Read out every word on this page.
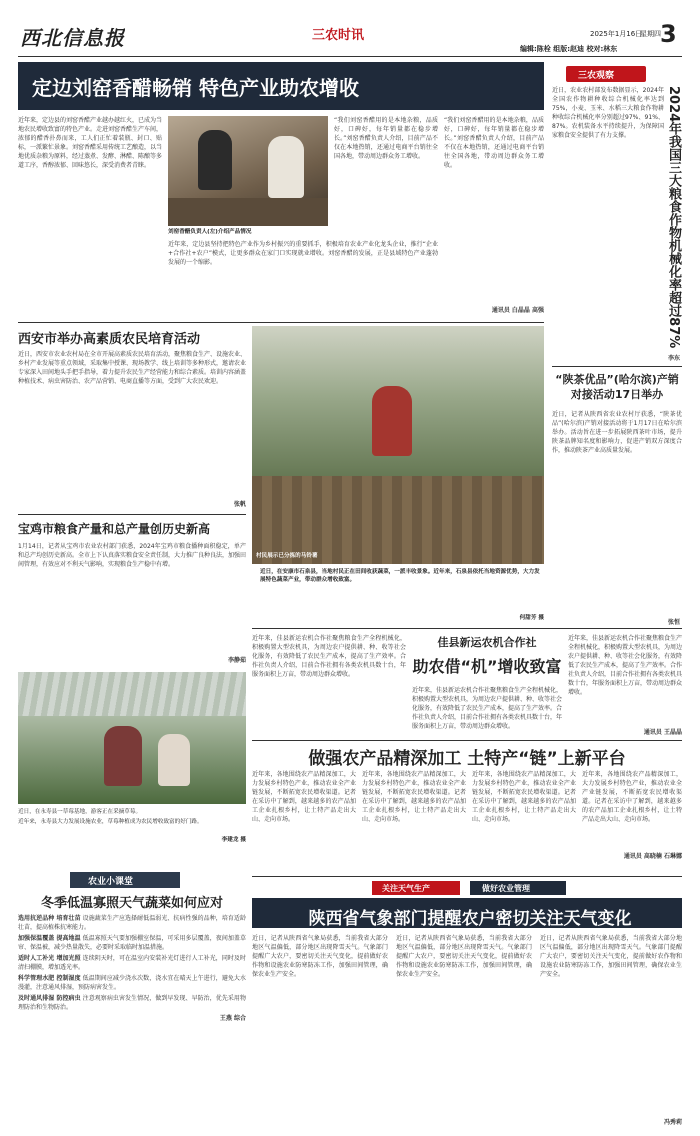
西北信息报	三农时讯	2025年1月16日
星期四 3
编辑:陈栓 组版:赵迪 校对:林东
定边刘窑香醋畅销 特色产业助农增收
近年来，定边县的刘窑香醋产业越办越红火，已成为当地农民增收致富的特色产业。走进刘窑香醋生产车间，浓郁的醋香扑鼻而来，工人们正忙着装瓶、封口、贴标，一派繁忙景象。刘窑香醋采用传统工艺酿造，以当地优质杂粮为原料，经过蒸煮、发酵、淋醋、陈酿等多道工序，香醇浓郁、回味悠长，深受消费者青睐。
刘窑香醋负责人(左)介绍产品情况
“我们刘窑香醋用的是本地杂粮，品质好，口碑好，每年销量都在稳步增长。”刘窑香醋负责人介绍，目前产品不仅在本地热销，还通过电商平台销往全国各地，带动周边群众务工增收。
近年来，定边县坚持把特色产业作为乡村振兴的重要抓手，积极培育农业产业化龙头企业，推行“企业+合作社+农户”模式，让更多群众在家门口实现就业增收。刘窑香醋的发展，正是县域特色产业蓬勃发展的一个缩影。
通讯员 白晶晶 高强
“我们刘窑香醋用的是本地杂粮，品质好，口碑好，每年销量都在稳步增长。”刘窑香醋负责人介绍，目前产品不仅在本地热销，还通过电商平台销往全国各地，带动周边群众务工增收。
西安市举办高素质农民培育活动
近日，西安市农业农村局在全市开展高素质农民培育活动，聚焦粮食生产、设施农业、乡村产业发展等重点领域，采取集中授课、现场教学、线上培训等多种形式，邀请农业专家深入田间地头手把手指导，着力提升农民生产经营能力和综合素质。培训内容涵盖种植技术、病虫害防治、农产品营销、电商直播等方面，受到广大农民欢迎。
张帆
宝鸡市粮食产量和总产量创历史新高
1月14日，记者从宝鸡市农业农村部门获悉，2024年宝鸡市粮食播种面积稳定，单产和总产均创历史新高。全市上下认真落实粮食安全责任制，大力推广良种良法，加强田间管理，有效应对不利天气影响，实现粮食生产稳中有增。
李静茹
近日，在永寿县一草莓基地，游客正在采摘草莓。
近年来，永寿县大力发展设施农业，草莓种植成为农民增收致富的好门路。
李建龙 摄
农业小课堂
冬季低温寡照天气蔬菜如何应对
选用抗逆品种 培育壮苗 设施蔬菜生产应选择耐低温弱光、抗病性强的品种，培育适龄壮苗，提高植株抗寒能力。
加强保温覆盖 提高地温 低温寡照天气要加强棚室保温，可采用多层覆盖，夜间加盖草帘、保温被，减少热量散失，必要时采取临时加温措施。
适时人工补光 增加光照 连续阴天时，可在温室内安装补光灯进行人工补光，同时及时清扫棚膜，增加透光率。
科学管理水肥 控制湿度 低温期间应减少浇水次数，浇水宜在晴天上午进行，避免大水漫灌，注意通风排湿，预防病害发生。
及时通风排湿 防控病虫 注意观察病虫害发生情况，做到早发现、早防治，优先采用物理防治和生物防治。
王燕 综合
村民展示已分拣的马铃薯
近日，在安康市石泉县，当地村民正在田间收获蔬菜，一派丰收景象。近年来，石泉县依托当地资源优势，大力发展特色蔬菜产业，带动群众增收致富。
何甜芳 摄
近年来，佳县新运农机合作社聚焦粮食生产全程机械化，积极购置大型农机具，为周边农户提供耕、种、收等社会化服务，有效降低了农民生产成本，提高了生产效率。合作社负责人介绍，目前合作社拥有各类农机具数十台，年服务面积上万亩，带动周边群众增收。
佳县新运农机合作社
助农借“机”增收致富
近年来，佳县新运农机合作社聚焦粮食生产全程机械化，积极购置大型农机具，为周边农户提供耕、种、收等社会化服务，有效降低了农民生产成本，提高了生产效率。合作社负责人介绍，目前合作社拥有各类农机具数十台，年服务面积上万亩，带动周边群众增收。
近年来，佳县新运农机合作社聚焦粮食生产全程机械化，积极购置大型农机具，为周边农户提供耕、种、收等社会化服务，有效降低了农民生产成本，提高了生产效率。合作社负责人介绍，目前合作社拥有各类农机具数十台，年服务面积上万亩，带动周边群众增收。
通讯员 王晶晶
做强农产品精深加工 土特产“链”上新平台
近年来，各地围绕农产品精深加工，大力发展乡村特色产业，推动农业全产业链发展，不断拓宽农民增收渠道。记者在采访中了解到，越来越多的农产品加工企业扎根乡村，让土特产品走出大山、走向市场。
近年来，各地围绕农产品精深加工，大力发展乡村特色产业，推动农业全产业链发展，不断拓宽农民增收渠道。记者在采访中了解到，越来越多的农产品加工企业扎根乡村，让土特产品走出大山、走向市场。
近年来，各地围绕农产品精深加工，大力发展乡村特色产业，推动农业全产业链发展，不断拓宽农民增收渠道。记者在采访中了解到，越来越多的农产品加工企业扎根乡村，让土特产品走出大山、走向市场。
近年来，各地围绕农产品精深加工，大力发展乡村特色产业，推动农业全产业链发展，不断拓宽农民增收渠道。记者在采访中了解到，越来越多的农产品加工企业扎根乡村，让土特产品走出大山、走向市场。
通讯员 高晓楠 石琳娜
关注天气生产	做好农业管理
陕西省气象部门提醒农户密切关注天气变化
近日，记者从陕西省气象局获悉，当前我省大部分地区气温偏低，部分地区出现降雪天气。气象部门提醒广大农户，要密切关注天气变化，提前做好农作物和设施农业防寒防冻工作，加强田间管理，确保农业生产安全。
近日，记者从陕西省气象局获悉，当前我省大部分地区气温偏低，部分地区出现降雪天气。气象部门提醒广大农户，要密切关注天气变化，提前做好农作物和设施农业防寒防冻工作，加强田间管理，确保农业生产安全。
近日，记者从陕西省气象局获悉，当前我省大部分地区气温偏低，部分地区出现降雪天气。气象部门提醒广大农户，要密切关注天气变化，提前做好农作物和设施农业防寒防冻工作，加强田间管理，确保农业生产安全。
冯秀莉
三农观察
近日，农业农村部发布数据显示，2024年全国农作物耕种收综合机械化率达到75%，小麦、玉米、水稻三大粮食作物耕种收综合机械化率分别超过97%、91%、87%。农机装备水平持续提升，为保障国家粮食安全提供了有力支撑。	2024年我国三大粮食作物机械化率超过87%
李东
“陕茶优品”(哈尔滨)产销对接活动17日举办
近日，记者从陕西省农业农村厅获悉，“陕茶优品”(哈尔滨)产销对接活动将于1月17日在哈尔滨举办。活动旨在进一步拓展陕西茶叶市场，提升陕茶品牌知名度和影响力，促进产销双方深度合作，推动陕茶产业高质量发展。
张恒
